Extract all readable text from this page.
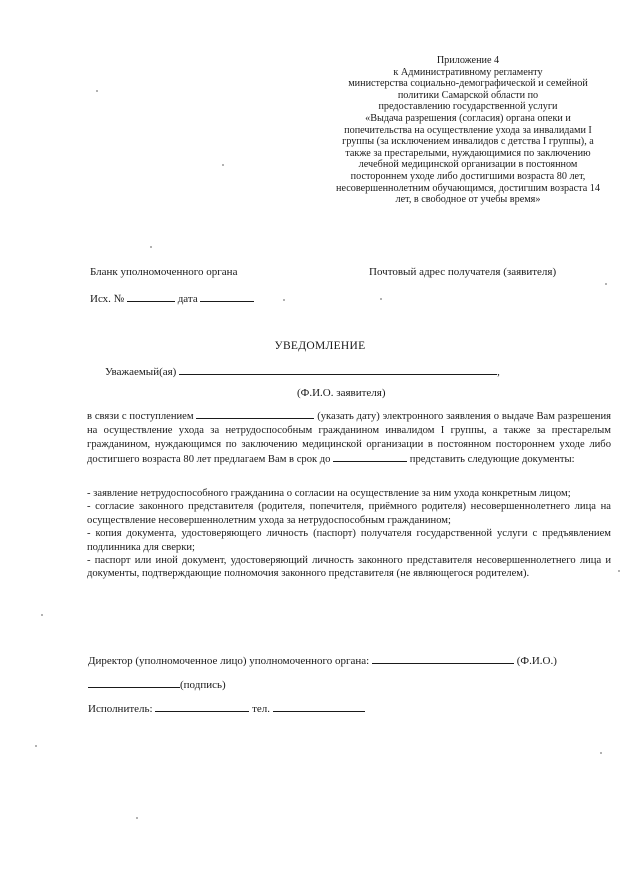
Приложение 4
к Административному регламенту
министерства социально-демографической и семейной
политики Самарской области по
предоставлению государственной услуги
«Выдача разрешения (согласия) органа опеки и
попечительства на осуществление ухода за инвалидами I
группы (за исключением инвалидов с детства I группы), а
также за престарелыми, нуждающимися по заключению
лечебной медицинской организации в постоянном
постороннем уходе либо достигшими возраста 80 лет,
несовершеннолетним обучающимся, достигшим возраста 14
лет, в свободное от учебы время»
Бланк уполномоченного органа	Почтовый адрес получателя (заявителя)
Исх. №	дата
УВЕДОМЛЕНИЕ
Уважаемый(ая)	,
(Ф.И.О. заявителя)

в связи с поступлением	(указать дату) электронного заявления о выдаче Вам разрешения на осуществление ухода за нетрудоспособным гражданином инвалидом I группы, а также за престарелым гражданином, нуждающимся по заключению медицинской организации в постоянном постороннем уходе либо достигшего возраста 80 лет предлагаем Вам в срок до	представить следующие документы:

- заявление нетрудоспособного гражданина о согласии на осуществление за ним ухода конкретным лицом;

- согласие законного представителя (родителя, попечителя, приёмного родителя) несовершеннолетнего лица на осуществление несовершеннолетним ухода за нетрудоспособным гражданином;

- копия документа, удостоверяющего личность (паспорт) получателя государственной услуги с предъявлением подлинника для сверки;

- паспорт или иной документ, удостоверяющий личность законного представителя несовершеннолетнего лица и документы, подтверждающие полномочия законного представителя (не являющегося родителем).

Директор (уполномоченное лицо) уполномоченного органа:	(Ф.И.О.)
(подпись)
Исполнитель:	тел.
